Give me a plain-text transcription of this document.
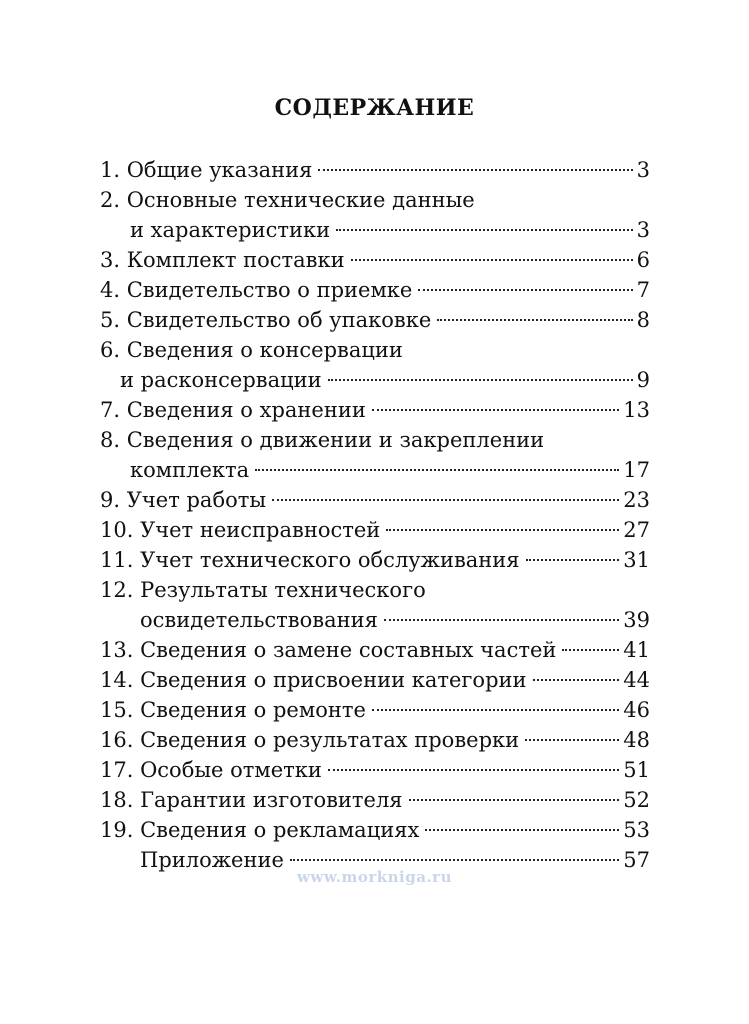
СОДЕРЖАНИЕ
1. Общие указания	3
2. Основные технические данные
и характеристики	3
3. Комплект поставки	6
4. Свидетельство о приемке	7
5. Свидетельство об упаковке	8
6. Сведения о консервации
и расконсервации	9
7. Сведения о хранении	13
8. Сведения о движении и закреплении
комплекта	17
9. Учет работы	23
10. Учет неисправностей	27
11. Учет технического обслуживания	31
12. Результаты технического
освидетельствования	39
13. Сведения о замене составных частей	41
14. Сведения о присвоении категории	44
15. Сведения о ремонте	46
16. Сведения о результатах проверки	48
17. Особые отметки	51
18. Гарантии изготовителя	52
19. Сведения о рекламациях	53
Приложение	57
www.morkniga.ru
